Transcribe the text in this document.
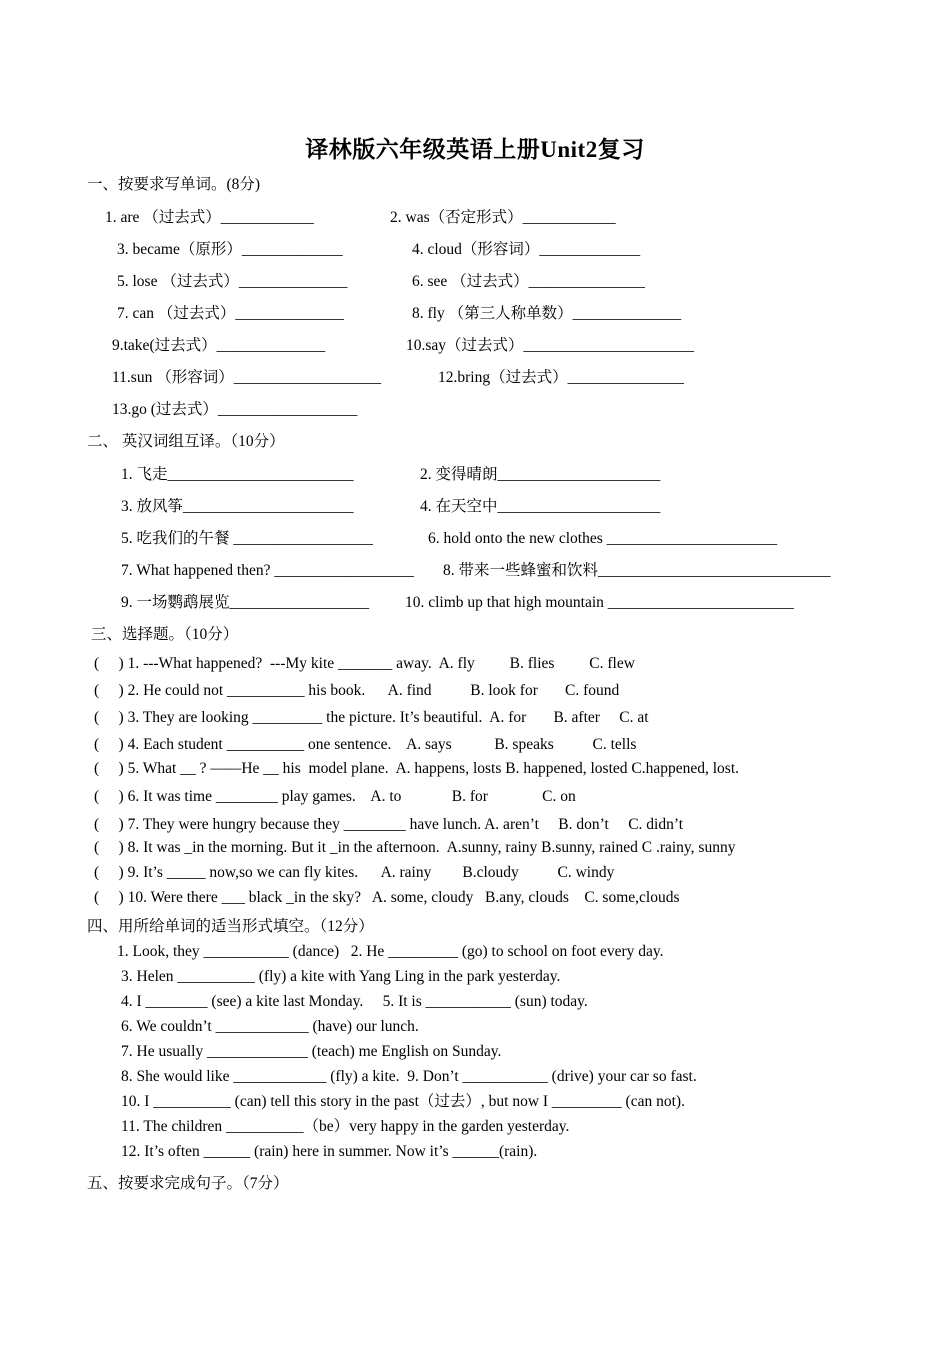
译林版六年级英语上册Unit2复习
一、按要求写单词。(8分)
1. are （过去式）____________	2. was（否定形式）____________
3. became（原形）_____________	4. cloud（形容词）_____________
5. lose （过去式）______________	6. see （过去式）_______________
7. can （过去式）______________	8. fly （第三人称单数）______________
9.take(过去式）______________	10.say（过去式）______________________
11.sun （形容词）___________________	12.bring（过去式）_______________
13.go (过去式）__________________
二、 英汉词组互译。（10分）
1. 飞走________________________	2. 变得晴朗_____________________
3. 放风筝______________________	4. 在天空中_____________________
5. 吃我们的午餐 __________________	6. hold onto the new clothes ______________________
7. What happened then? __________________ 8. 带来一些蜂蜜和饮料______________________________
9. 一场鹦鹉展览__________________ 10. climb up that high mountain ________________________
三、选择题。（10分）
(     ) 1. ---What happened?  ---My kite _______ away.  A. fly         B. flies         C. flew
(     ) 2. He could not __________ his book.      A. find          B. look for       C. found
(     ) 3. They are looking _________ the picture. It’s beautiful.  A. for       B. after     C. at
(     ) 4. Each student __________ one sentence.    A. says           B. speaks          C. tells
(     ) 5. What __ ? ——He __ his  model plane.  A. happens, losts B. happened, losted C.happened, lost.
(     ) 6. It was time ________ play games.    A. to             B. for              C. on
(     ) 7. They were hungry because they ________ have lunch. A. aren’t     B. don’t     C. didn’t
(     ) 8. It was _in the morning. But it _in the afternoon.  A.sunny, rainy B.sunny, rained C .rainy, sunny
(     ) 9. It’s _____ now,so we can fly kites.      A. rainy        B.cloudy          C. windy
(     ) 10. Were there ___ black _in the sky?   A. some, cloudy   B.any, clouds    C. some,clouds
四、用所给单词的适当形式填空。（12分）
1. Look, they ___________ (dance)   2. He _________ (go) to school on foot every day.
3. Helen __________ (fly) a kite with Yang Ling in the park yesterday.
4. I ________ (see) a kite last Monday.     5. It is ___________ (sun) today.
6. We couldn’t ____________ (have) our lunch.
7. He usually _____________ (teach) me English on Sunday.
8. She would like ____________ (fly) a kite.  9. Don’t ___________ (drive) your car so fast.
10. I __________ (can) tell this story in the past（过去）, but now I _________ (can not).
11. The children __________（be）very happy in the garden yesterday.
12. It’s often ______ (rain) here in summer. Now it’s ______(rain).
五、按要求完成句子。（7分）
